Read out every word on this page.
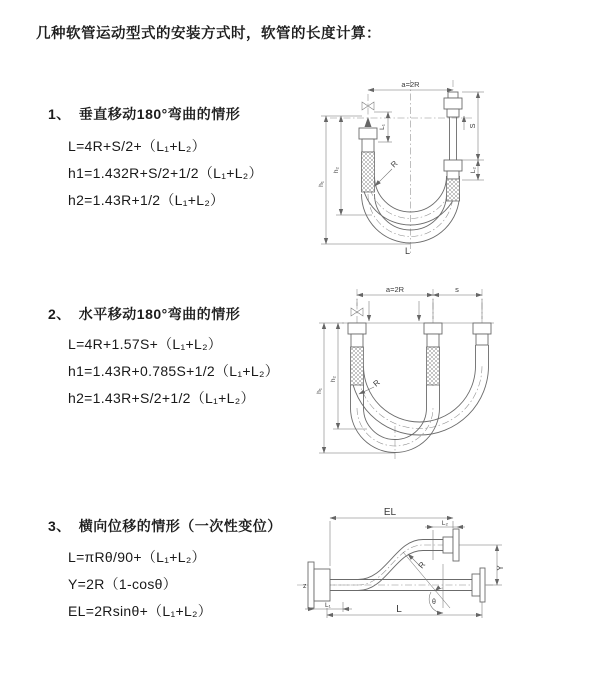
几种软管运动型式的安装方式时，软管的长度计算：
1、 垂直移动180°弯曲的情形
L=4R+S/2+（L₁+L₂）
h1=1.432R+S/2+1/2（L₁+L₂）
h2=1.43R+1/2（L₁+L₂）
2、 水平移动180°弯曲的情形
L=4R+1.57S+（L₁+L₂）
h1=1.43R+0.785S+1/2（L₁+L₂）
h2=1.43R+S/2+1/2（L₁+L₂）
3、 横向位移的情形（一次性变位）
L=πRθ/90+（L₁+L₂）
Y=2R（1-cosθ）
EL=2Rsinθ+（L₁+L₂）
a=2R
S
L₂
L₁
h₁
h₂
R
L
a=2R	s
h₁
h₂	R
z
EL
L₂
Y
R
θ
L
L₁
